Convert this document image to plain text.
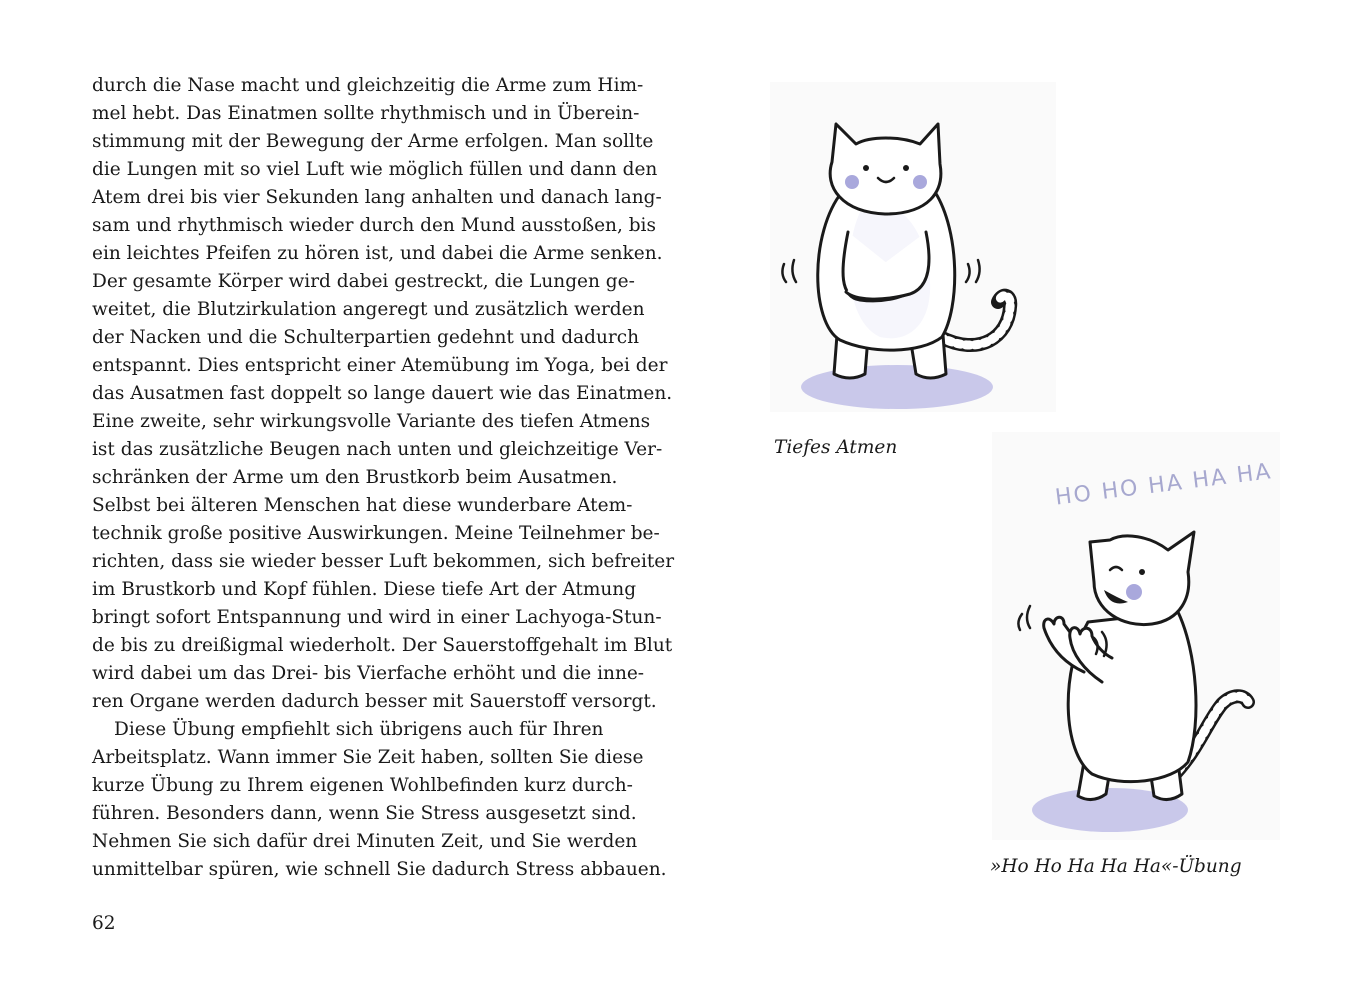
durch die Nase macht und gleichzeitig die Arme zum Him-
mel hebt. Das Einatmen sollte rhythmisch und in Überein-
stimmung mit der Bewegung der Arme erfolgen. Man sollte
die Lungen mit so viel Luft wie möglich füllen und dann den
Atem drei bis vier Sekunden lang anhalten und danach lang-
sam und rhythmisch wieder durch den Mund ausstoßen, bis
ein leichtes Pfeifen zu hören ist, und dabei die Arme senken.
Der gesamte Körper wird dabei gestreckt, die Lungen ge-
weitet, die Blutzirkulation angeregt und zusätzlich werden
der Nacken und die Schulterpartien gedehnt und dadurch
entspannt. Dies entspricht einer Atemübung im Yoga, bei der
das Ausatmen fast doppelt so lange dauert wie das Einatmen.
Eine zweite, sehr wirkungsvolle Variante des tiefen Atmens
ist das zusätzliche Beugen nach unten und gleichzeitige Ver-
schränken der Arme um den Brustkorb beim Ausatmen.
Selbst bei älteren Menschen hat diese wunderbare Atem-
technik große positive Auswirkungen. Meine Teilnehmer be-
richten, dass sie wieder besser Luft bekommen, sich befreiter
im Brustkorb und Kopf fühlen. Diese tiefe Art der Atmung
bringt sofort Entspannung und wird in einer Lachyoga-Stun-
de bis zu dreißigmal wiederholt. Der Sauerstoffgehalt im Blut
wird dabei um das Drei- bis Vierfache erhöht und die inne-
ren Organe werden dadurch besser mit Sauerstoff versorgt.
Diese Übung empfiehlt sich übrigens auch für Ihren
Arbeitsplatz. Wann immer Sie Zeit haben, sollten Sie diese
kurze Übung zu Ihrem eigenen Wohlbefinden kurz durch-
führen. Besonders dann, wenn Sie Stress ausgesetzt sind.
Nehmen Sie sich dafür drei Minuten Zeit, und Sie werden
unmittelbar spüren, wie schnell Sie dadurch Stress abbauen.
62
Tiefes Atmen
HO HO HA HA HA
»Ho Ho Ha Ha Ha«-Übung
